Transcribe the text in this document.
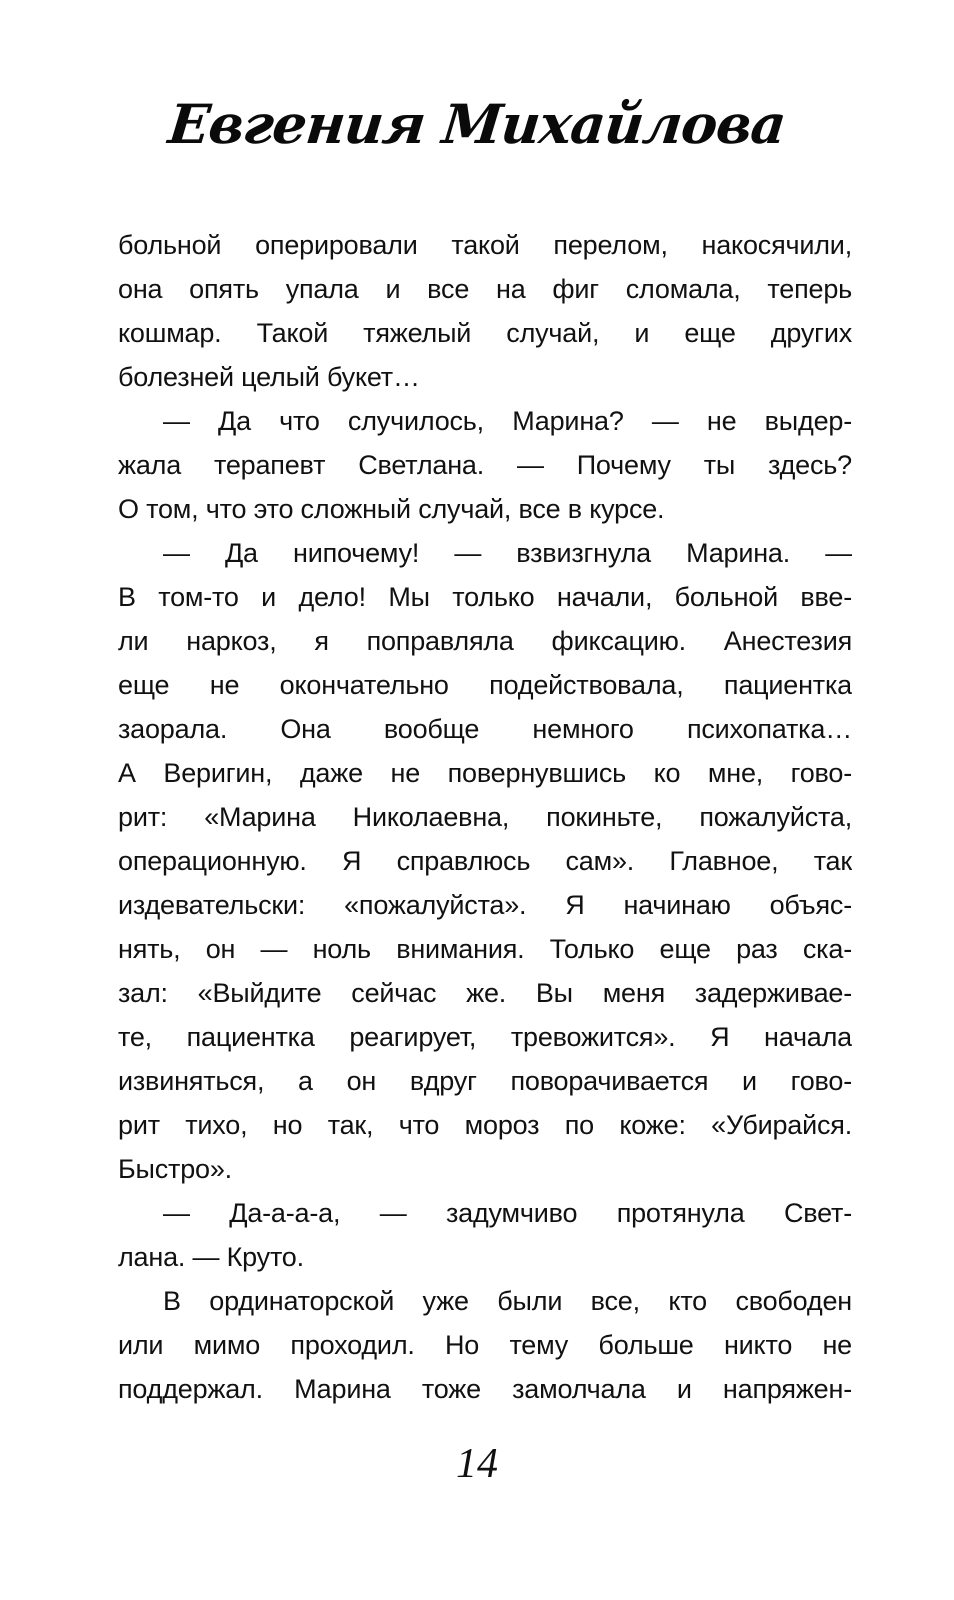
Евгения Михайлова
больной оперировали такой перелом, накосячили,
она опять упала и все на фиг сломала, теперь
кошмар. Такой тяжелый случай, и еще других
болезней целый букет…
— Да что случилось, Марина? — не выдер-
жала терапевт Светлана. — Почему ты здесь?
О том, что это сложный случай, все в курсе.
— Да нипочему! — взвизгнула Марина. —
В том-то и дело! Мы только начали, больной вве-
ли наркоз, я поправляла фиксацию. Анестезия
еще не окончательно подействовала, пациентка
заорала. Она вообще немного психопатка…
А Веригин, даже не повернувшись ко мне, гово-
рит: «Марина Николаевна, покиньте, пожалуйста,
операционную. Я справлюсь сам». Главное, так
издевательски: «пожалуйста». Я начинаю объяс-
нять, он — ноль внимания. Только еще раз ска-
зал: «Выйдите сейчас же. Вы меня задерживае-
те, пациентка реагирует, тревожится». Я начала
извиняться, а он вдруг поворачивается и гово-
рит тихо, но так, что мороз по коже: «Убирайся.
Быстро».
— Да-а-а-а, — задумчиво протянула Свет-
лана. — Круто.
В ординаторской уже были все, кто свободен
или мимо проходил. Но тему больше никто не
поддержал. Марина тоже замолчала и напряжен-
14
